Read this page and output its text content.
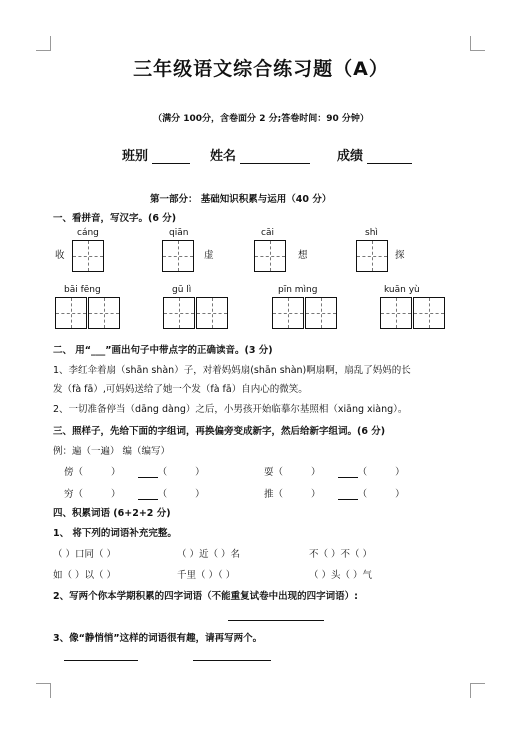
三年级语文综合练习题（A）
（满分 100分，含卷面分 2 分;答卷时间：90 分钟）
班别	姓名	成绩
第一部分： 基础知识积累与运用（40 分）
一、看拼音，写汉字。(6 分)
cáng
收
qiān
虚
cāi
想
shì
探
bāi fēng	gū lì	pīn mìng	kuān yù
二、 用“___”画出句子中带点字的正确读音。(3 分)
1、李红伞着扇（shān shàn）子，对着妈妈扇(shān shàn)啊扇啊，扇乱了妈妈的长
发（fà fā）,可妈妈送给了她一个发（fà fā）自内心的微笑。
2、一切准备停当（dāng dàng）之后，小男孩开始临摹尔基照相（xiāng xiàng）。
三、照样子，先给下面的字组词，再换偏旁变成新字，然后给新字组词。(6 分)
例：遍（一遍） 编（编写）
傍（	）	（	）	耍（	）	（	）
穷（	）	（	）	推（	）	（	）
四、积累词语 (6+2+2 分)
1、 将下列的词语补充完整。
（ ）口同（ ）	（ ）近（ ）名	不（ ）不（ ）
如（ ）以（ ）	千里（ ）（ ）	（ ）头（ ）气
2、写两个你本学期积累的四字词语（不能重复试卷中出现的四字词语）:
3、像“静悄悄”这样的词语很有趣，请再写两个。
